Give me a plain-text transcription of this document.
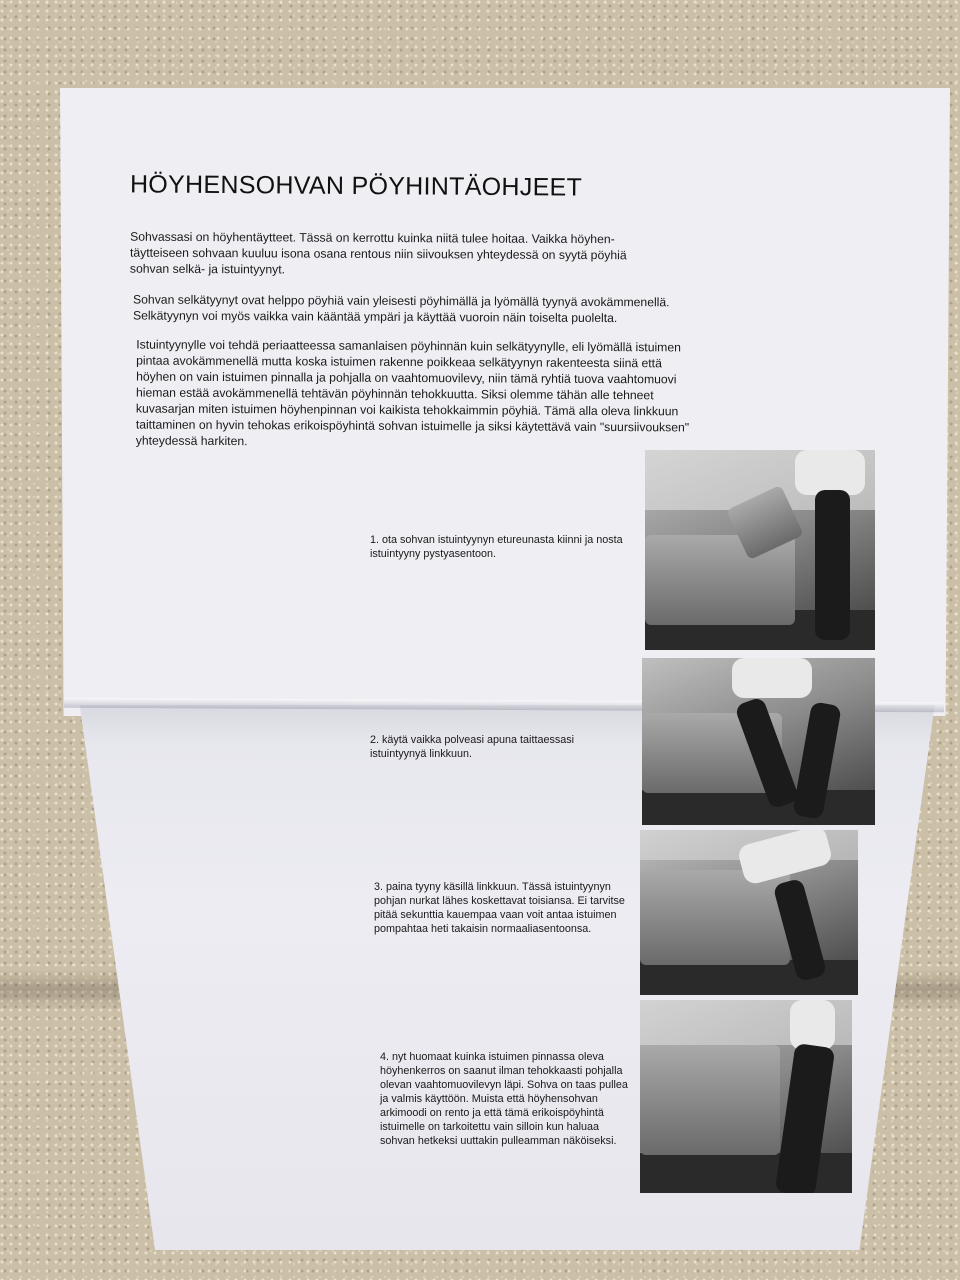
HÖYHENSOHVAN PÖYHINTÄOHJEET

Sohvassasi on höyhentäytteet. Tässä on kerrottu kuinka niitä tulee hoitaa. Vaikka höyhen- täytteiseen sohvaan kuuluu isona osana rentous niin siivouksen yhteydessä on syytä pöyhiä sohvan selkä- ja istuintyynyt.

Sohvan selkätyynyt ovat helppo pöyhiä vain yleisesti pöyhimällä ja lyömällä tyynyä avokämmenellä. Selkätyynyn voi myös vaikka vain kääntää ympäri ja käyttää vuoroin näin toiselta puolelta.

Istuintyynylle voi tehdä periaatteessa samanlaisen pöyhinnän kuin selkätyynylle, eli lyömällä istuimen pintaa avokämmenellä mutta koska istuimen rakenne poikkeaa selkätyynyn rakenteesta siinä että höyhen on vain istuimen pinnalla ja pohjalla on vaahtomuovilevy, niin tämä ryhtiä tuova vaahtomuovi hieman estää avokämmenellä tehtävän pöyhinnän tehokkuutta. Siksi olemme tähän alle tehneet kuvasarjan miten istuimen höyhenpinnan voi kaikista tehokkaimmin pöyhiä. Tämä alla oleva linkkuun taittaminen on hyvin tehokas erikoispöyhintä sohvan istuimelle ja siksi käytettävä vain "suursiivouksen" yhteydessä harkiten.

1. ota sohvan istuintyynyn etureunasta kiinni ja nosta istuintyyny pystyasentoon.

2. käytä vaikka polveasi apuna taittaessasi istuintyynyä linkkuun.

3. paina tyyny käsillä linkkuun. Tässä istuintyynyn pohjan nurkat lähes koskettavat toisiansa. Ei tarvitse pitää sekunttia kauempaa vaan voit antaa istuimen pompahtaa heti takaisin normaaliasentoonsa.

4. nyt huomaat kuinka istuimen pinnassa oleva höyhenkerros on saanut ilman tehokkaasti pohjalla olevan vaahtomuovilevyn läpi. Sohva on taas pullea ja valmis käyttöön. Muista että höyhensohvan arkimoodi on rento ja että tämä erikoispöyhintä istuimelle on tarkoitettu vain silloin kun haluaa sohvan hetkeksi uuttakin pulleamman näköiseksi.
